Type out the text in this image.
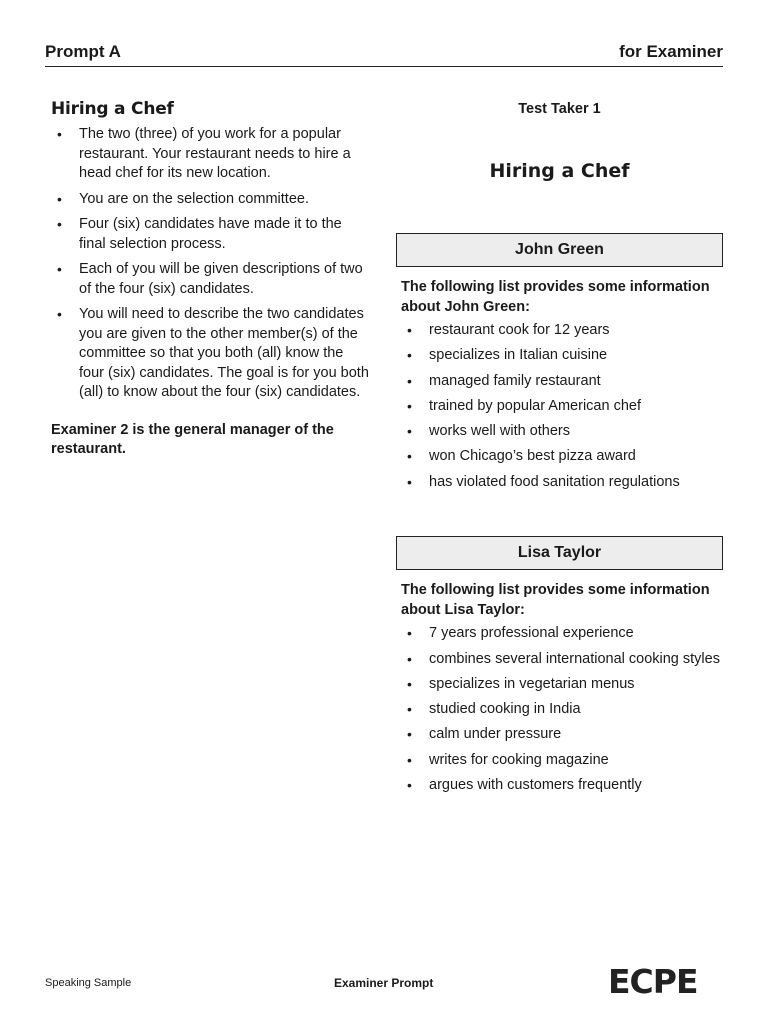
Prompt A	for Examiner
Hiring a Chef
• The two (three) of you work for a popular restaurant. Your restaurant needs to hire a head chef for its new location.
• You are on the selection committee.
• Four (six) candidates have made it to the final selection process.
• Each of you will be given descriptions of two of the four (six) candidates.
• You will need to describe the two candidates you are given to the other member(s) of the committee so that you both (all) know the four (six) candidates. The goal is for you both (all) to know about the four (six) candidates.
Examiner 2 is the general manager of the restaurant.
Test Taker 1
Hiring a Chef
John Green
The following list provides some information about John Green:
• restaurant cook for 12 years
• specializes in Italian cuisine
• managed family restaurant
• trained by popular American chef
• works well with others
• won Chicago’s best pizza award
• has violated food sanitation regulations
Lisa Taylor
The following list provides some information about Lisa Taylor:
• 7 years professional experience
• combines several international cooking styles
• specializes in vegetarian menus
• studied cooking in India
• calm under pressure
• writes for cooking magazine
• argues with customers frequently
Speaking Sample	Examiner Prompt	ECPE
